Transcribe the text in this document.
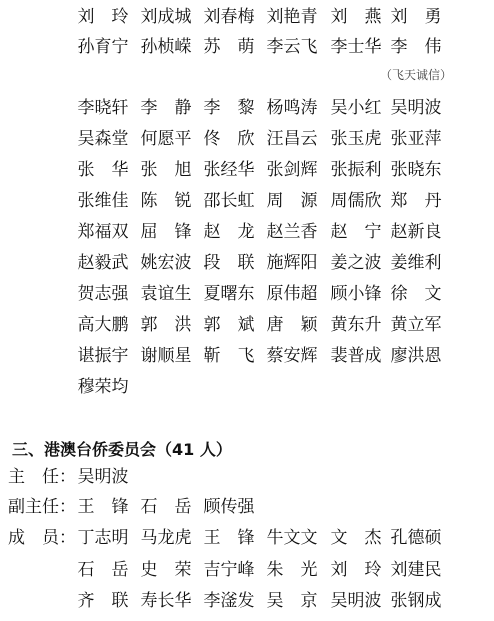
刘　玲 刘成城 刘春梅 刘艳青 刘　燕 刘　勇
孙育宁 孙桢嵘 苏　萌 李云飞 李士华 李　伟
李晓轩 李　静 李　黎 杨鸣涛 吴小红 吴明波
吴森堂 何愿平 佟　欣 汪昌云 张玉虎 张亚萍
张　华 张　旭 张经华 张剑辉 张振利 张晓东
张维佳 陈　锐 邵长虹 周　源 周儒欣 郑　丹
郑福双 屈　锋 赵　龙 赵兰香 赵　宁 赵新良
赵毅武 姚宏波 段　联 施辉阳 姜之波 姜维利
贺志强 袁谊生 夏曙东 原伟超 顾小锋 徐　文
高大鹏 郭　洪 郭　斌 唐　颖 黄东升 黄立军
谌振宇 谢顺星 靳　飞 蔡安辉 裴普成 廖洪恩
穆荣均
（飞天诚信）
三、港澳台侨委员会（41 人）
主　任： 吴明波
副主任： 王　锋 石　岳 顾传强
成　员： 丁志明 马龙虎 王　锋 牛文文 文　杰 孔德硕
石　岳 史　荣 吉宁峰 朱　光 刘　玲 刘建民
齐　联 寿长华 李滏发 吴　京 吴明波 张钢成
